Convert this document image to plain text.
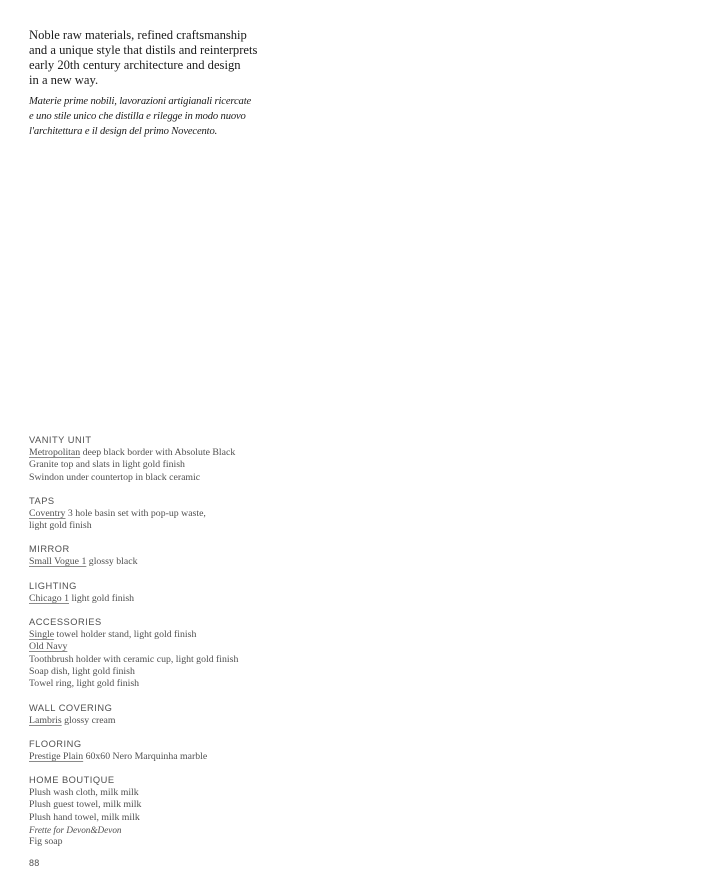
Noble raw materials, refined craftsmanship
and a unique style that distils and reinterprets
early 20th century architecture and design
in a new way.

Materie prime nobili, lavorazioni artigianali ricercate
e uno stile unico che distilla e rilegge in modo nuovo
l'architettura e il design del primo Novecento.

VANITY UNIT

Metropolitan deep black border with Absolute Black

Granite top and slats in light gold finish

Swindon under countertop in black ceramic

TAPS

Coventry 3 hole basin set with pop-up waste,

light gold finish

MIRROR

Small Vogue 1 glossy black

LIGHTING

Chicago 1 light gold finish

ACCESSORIES

Single towel holder stand, light gold finish

Old Navy

Toothbrush holder with ceramic cup, light gold finish

Soap dish, light gold finish

Towel ring, light gold finish

WALL COVERING

Lambris glossy cream

FLOORING

Prestige Plain 60x60 Nero Marquinha marble

HOME BOUTIQUE

Plush wash cloth, milk milk

Plush guest towel, milk milk

Plush hand towel, milk milk

Frette for Devon&Devon

Fig soap

88
